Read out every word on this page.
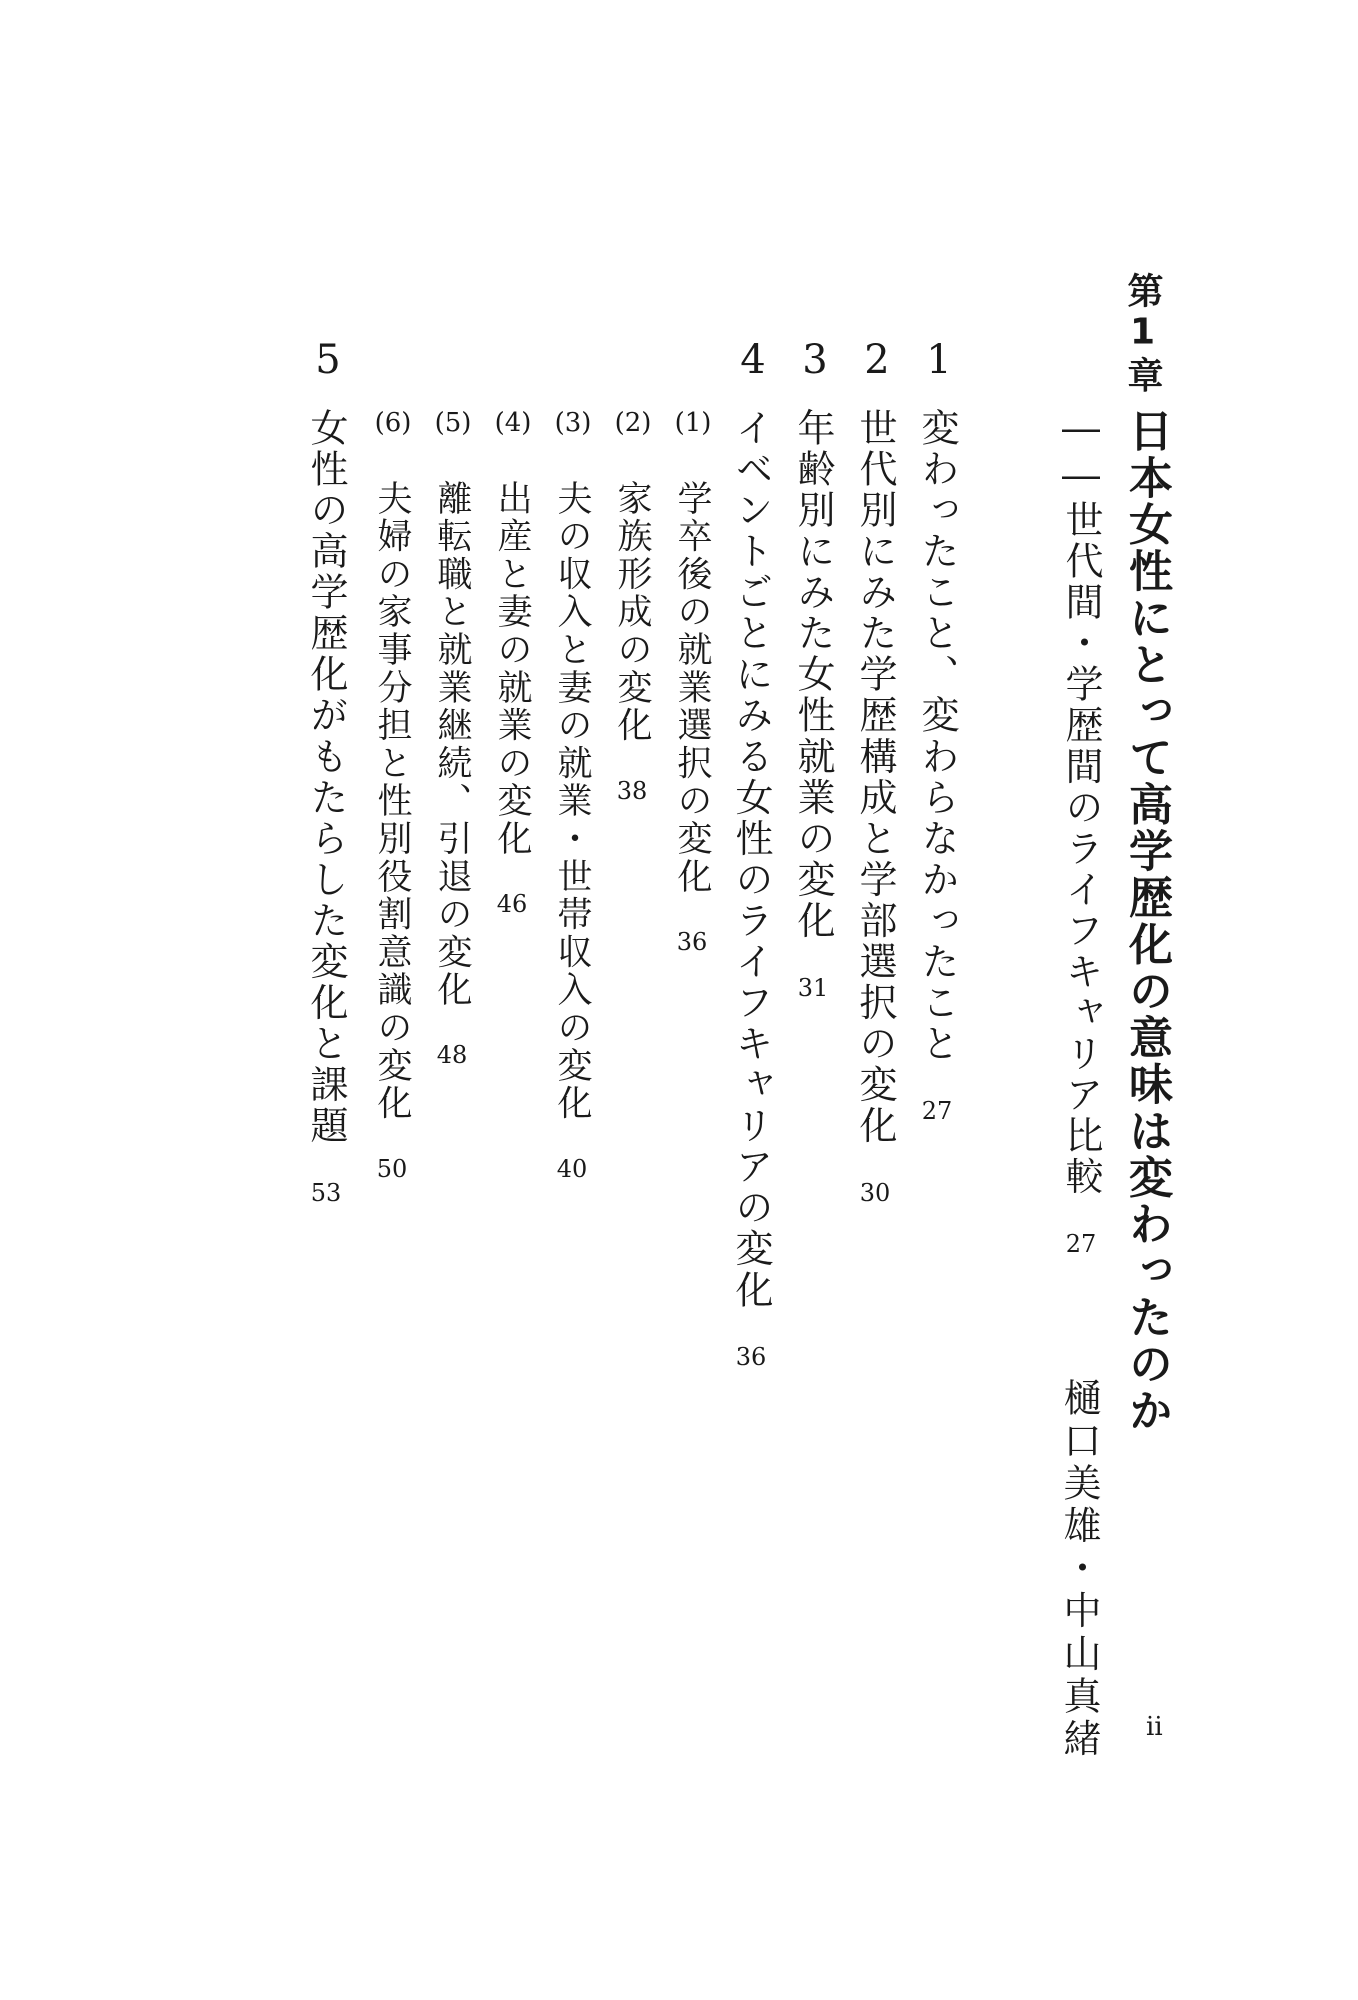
第1章
日本女性にとって高学歴化の意味は変わったのか
――世代間・学歴間のライフキャリア比較27
樋口美雄・中山真緒
1
変わったこと、変わらなかったこと27
2
世代別にみた学歴構成と学部選択の変化30
3
年齢別にみた女性就業の変化31
4
イベントごとにみる女性のライフキャリアの変化36
(1)
学卒後の就業選択の変化36
(2)
家族形成の変化38
(3)
夫の収入と妻の就業・世帯収入の変化40
(4)
出産と妻の就業の変化46
(5)
離転職と就業継続、引退の変化48
(6)
夫婦の家事分担と性別役割意識の変化50
5
女性の高学歴化がもたらした変化と課題53
ii
